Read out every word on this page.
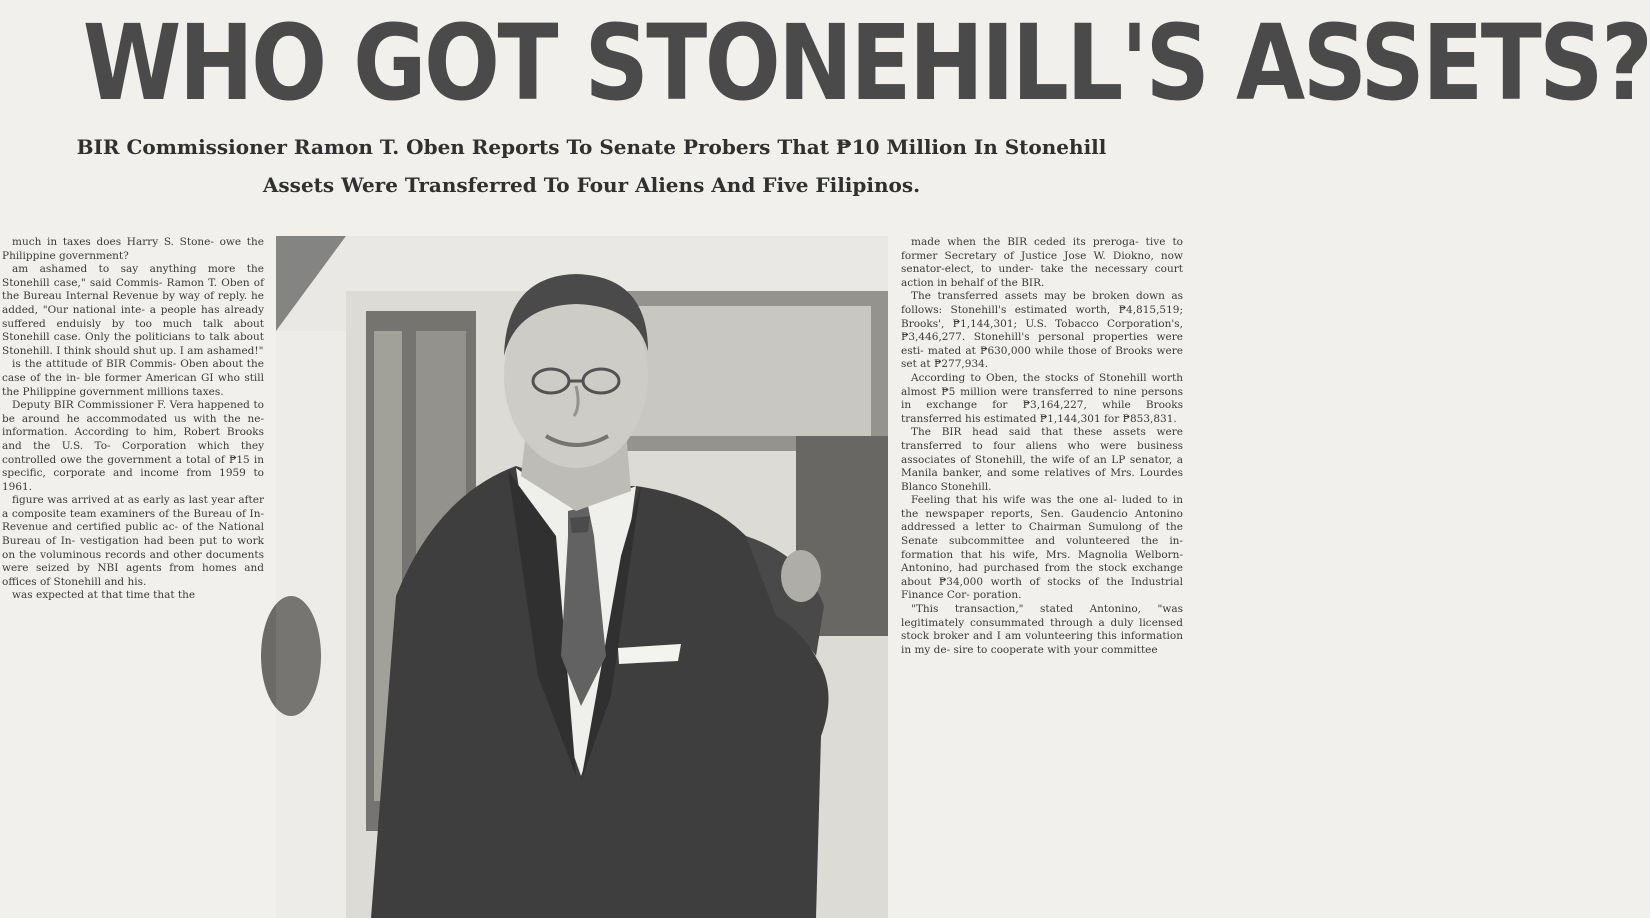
WHO GOT STONEHILL'S ASSETS?
BIR Commissioner Ramon T. Oben Reports To Senate Probers That ₱10 Million In Stonehill
Assets Were Transferred To Four Aliens And Five Filipinos.

much in taxes does Harry S. Stone- owe the Philippine government?

am ashamed to say anything more the Stonehill case," said Commis- Ramon T. Oben of the Bureau Internal Revenue by way of reply. he added, "Our national inte- a people has already suffered enduisly by too much talk about Stonehill case. Only the politicians to talk about Stonehill. I think should shut up. I am ashamed!"

is the attitude of BIR Commis- Oben about the case of the in- ble former American GI who still the Philippine government millions taxes.

Deputy BIR Commissioner F. Vera happened to be around he accommodated us with the ne- information. According to him, Robert Brooks and the U.S. To- Corporation which they controlled owe the government a total of ₱15 in specific, corporate and income from 1959 to 1961.

figure was arrived at as early as last year after a composite team examiners of the Bureau of In- Revenue and certified public ac- of the National Bureau of In- vestigation had been put to work on the voluminous records and other documents were seized by NBI agents from homes and offices of Stonehill and his.

was expected at that time that the

made when the BIR ceded its preroga- tive to former Secretary of Justice Jose W. Diokno, now senator-elect, to under- take the necessary court action in behalf of the BIR.

The transferred assets may be broken down as follows: Stonehill's estimated worth, ₱4,815,519; Brooks', ₱1,144,301; U.S. Tobacco Corporation's, ₱3,446,277. Stonehill's personal properties were esti- mated at ₱630,000 while those of Brooks were set at ₱277,934.

According to Oben, the stocks of Stonehill worth almost ₱5 million were transferred to nine persons in exchange for ₱3,164,227, while Brooks transferred his estimated ₱1,144,301 for ₱853,831.

The BIR head said that these assets were transferred to four aliens who were business associates of Stonehill, the wife of an LP senator, a Manila banker, and some relatives of Mrs. Lourdes Blanco Stonehill.

Feeling that his wife was the one al- luded to in the newspaper reports, Sen. Gaudencio Antonino addressed a letter to Chairman Sumulong of the Senate subcommittee and volunteered the in- formation that his wife, Mrs. Magnolia Welborn-Antonino, had purchased from the stock exchange about ₱34,000 worth of stocks of the Industrial Finance Cor- poration.

"This transaction," stated Antonino, "was legitimately consummated through a duly licensed stock broker and I am volunteering this information in my de- sire to cooperate with your committee
